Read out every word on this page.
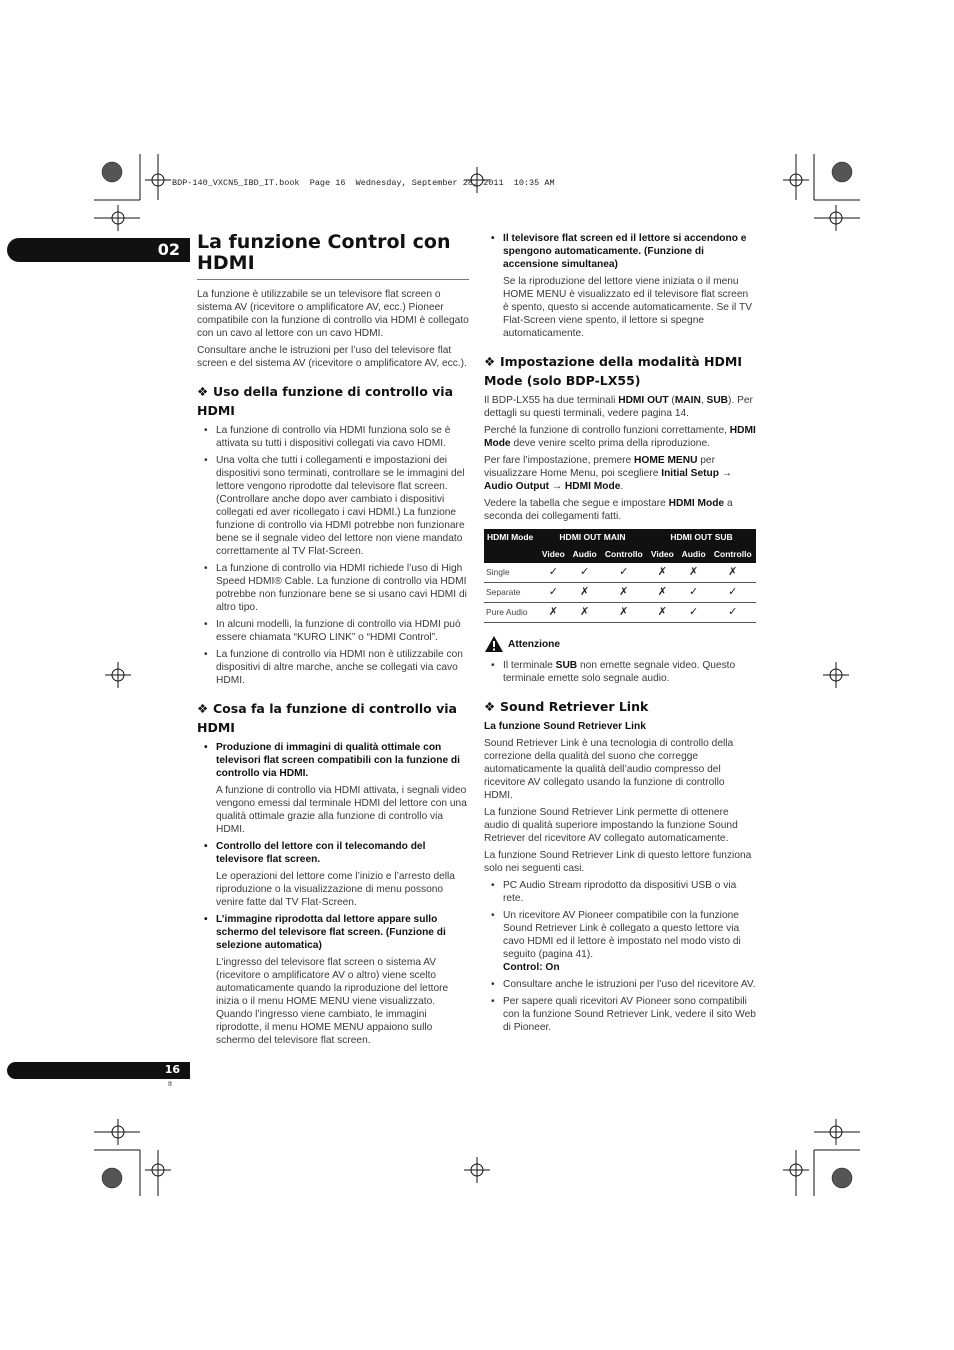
BDP-140_VXCN5_IBD_IT.book  Page 16  Wednesday, September 28, 2011  10:35 AM
02 La funzione Control con HDMI

La funzione è utilizzabile se un televisore flat screen o sistema AV (ricevitore o amplificatore AV, ecc.) Pioneer compatibile con la funzione di controllo via HDMI è collegato con un cavo al lettore con un cavo HDMI.

Consultare anche le istruzioni per l’uso del televisore flat screen e del sistema AV (ricevitore o amplificatore AV, ecc.).

❖ Uso della funzione di controllo via HDMI
• La funzione di controllo via HDMI funziona solo se è attivata su tutti i dispositivi collegati via cavo HDMI.
• Una volta che tutti i collegamenti e impostazioni dei dispositivi sono terminati, controllare se le immagini del lettore vengono riprodotte dal televisore flat screen. (Controllare anche dopo aver cambiato i dispositivi collegati ed aver ricollegato i cavi HDMI.) La funzione funzione di controllo via HDMI potrebbe non funzionare bene se il segnale video del lettore non viene mandato correttamente al TV Flat-Screen.
• La funzione di controllo via HDMI richiede l’uso di High Speed HDMI® Cable. La funzione di controllo via HDMI potrebbe non funzionare bene se si usano cavi HDMI di altro tipo.
• In alcuni modelli, la funzione di controllo via HDMI può essere chiamata “KURO LINK” o “HDMI Control”.
• La funzione di controllo via HDMI non è utilizzabile con dispositivi di altre marche, anche se collegati via cavo HDMI.
❖ Cosa fa la funzione di controllo via HDMI
• Produzione di immagini di qualità ottimale con televisori flat screen compatibili con la funzione di controllo via HDMI.

A funzione di controllo via HDMI attivata, i segnali video vengono emessi dal terminale HDMI del lettore con una qualità ottimale grazie alla funzione di controllo via HDMI.

• Controllo del lettore con il telecomando del televisore flat screen.

Le operazioni del lettore come l’inizio e l’arresto della riproduzione o la visualizzazione di menu possono venire fatte dal TV Flat-Screen.

• L’immagine riprodotta dal lettore appare sullo schermo del televisore flat screen. (Funzione di selezione automatica)

L’ingresso del televisore flat screen o sistema AV (ricevitore o amplificatore AV o altro) viene scelto automaticamente quando la riproduzione del lettore inizia o il menu HOME MENU viene visualizzato. Quando l’ingresso viene cambiato, le immagini riprodotte, il menu HOME MENU appaiono sullo schermo del televisore flat screen.

• Il televisore flat screen ed il lettore si accendono e spengono automaticamente. (Funzione di accensione simultanea)

Se la riproduzione del lettore viene iniziata o il menu HOME MENU è visualizzato ed il televisore flat screen è spento, questo si accende automaticamente. Se il TV Flat-Screen viene spento, il lettore si spegne automaticamente.

❖ Impostazione della modalità HDMI Mode (solo BDP-LX55)

Il BDP-LX55 ha due terminali HDMI OUT (MAIN, SUB). Per dettagli su questi terminali, vedere pagina 14.

Perché la funzione di controllo funzioni correttamente, HDMI Mode deve venire scelto prima della riproduzione.

Per fare l’impostazione, premere HOME MENU per visualizzare Home Menu, poi scegliere Initial Setup → Audio Output → HDMI Mode.

Vedere la tabella che segue e impostare HDMI Mode a seconda dei collegamenti fatti.

HDMI Mode	HDMI OUT MAIN			HDMI OUT SUB		
	Video	Audio	Controllo	Video	Audio	Controllo
Single	✓	✓	✓	✗	✗	✗
Separate	✓	✗	✗	✗	✓	✓
Pure Audio	✗	✗	✗	✗	✓	✓
Attenzione
• Il terminale SUB non emette segnale video. Questo terminale emette solo segnale audio.
❖ Sound Retriever Link
La funzione Sound Retriever Link

Sound Retriever Link è una tecnologia di controllo della correzione della qualità del suono che corregge automaticamente la qualità dell’audio compresso del ricevitore AV collegato usando la funzione di controllo HDMI.

La funzione Sound Retriever Link permette di ottenere audio di qualità superiore impostando la funzione Sound Retriever del ricevitore AV collegato automaticamente.

La funzione Sound Retriever Link di questo lettore funziona solo nei seguenti casi.

• PC Audio Stream riprodotto da dispositivi USB o via rete.
• Un ricevitore AV Pioneer compatibile con la funzione Sound Retriever Link è collegato a questo lettore via cavo HDMI ed il lettore è impostato nel modo visto di seguito (pagina 41).
Control: On
• Consultare anche le istruzioni per l’uso del ricevitore AV.
• Per sapere quali ricevitori AV Pioneer sono compatibili con la funzione Sound Retriever Link, vedere il sito Web di Pioneer.
16
It
